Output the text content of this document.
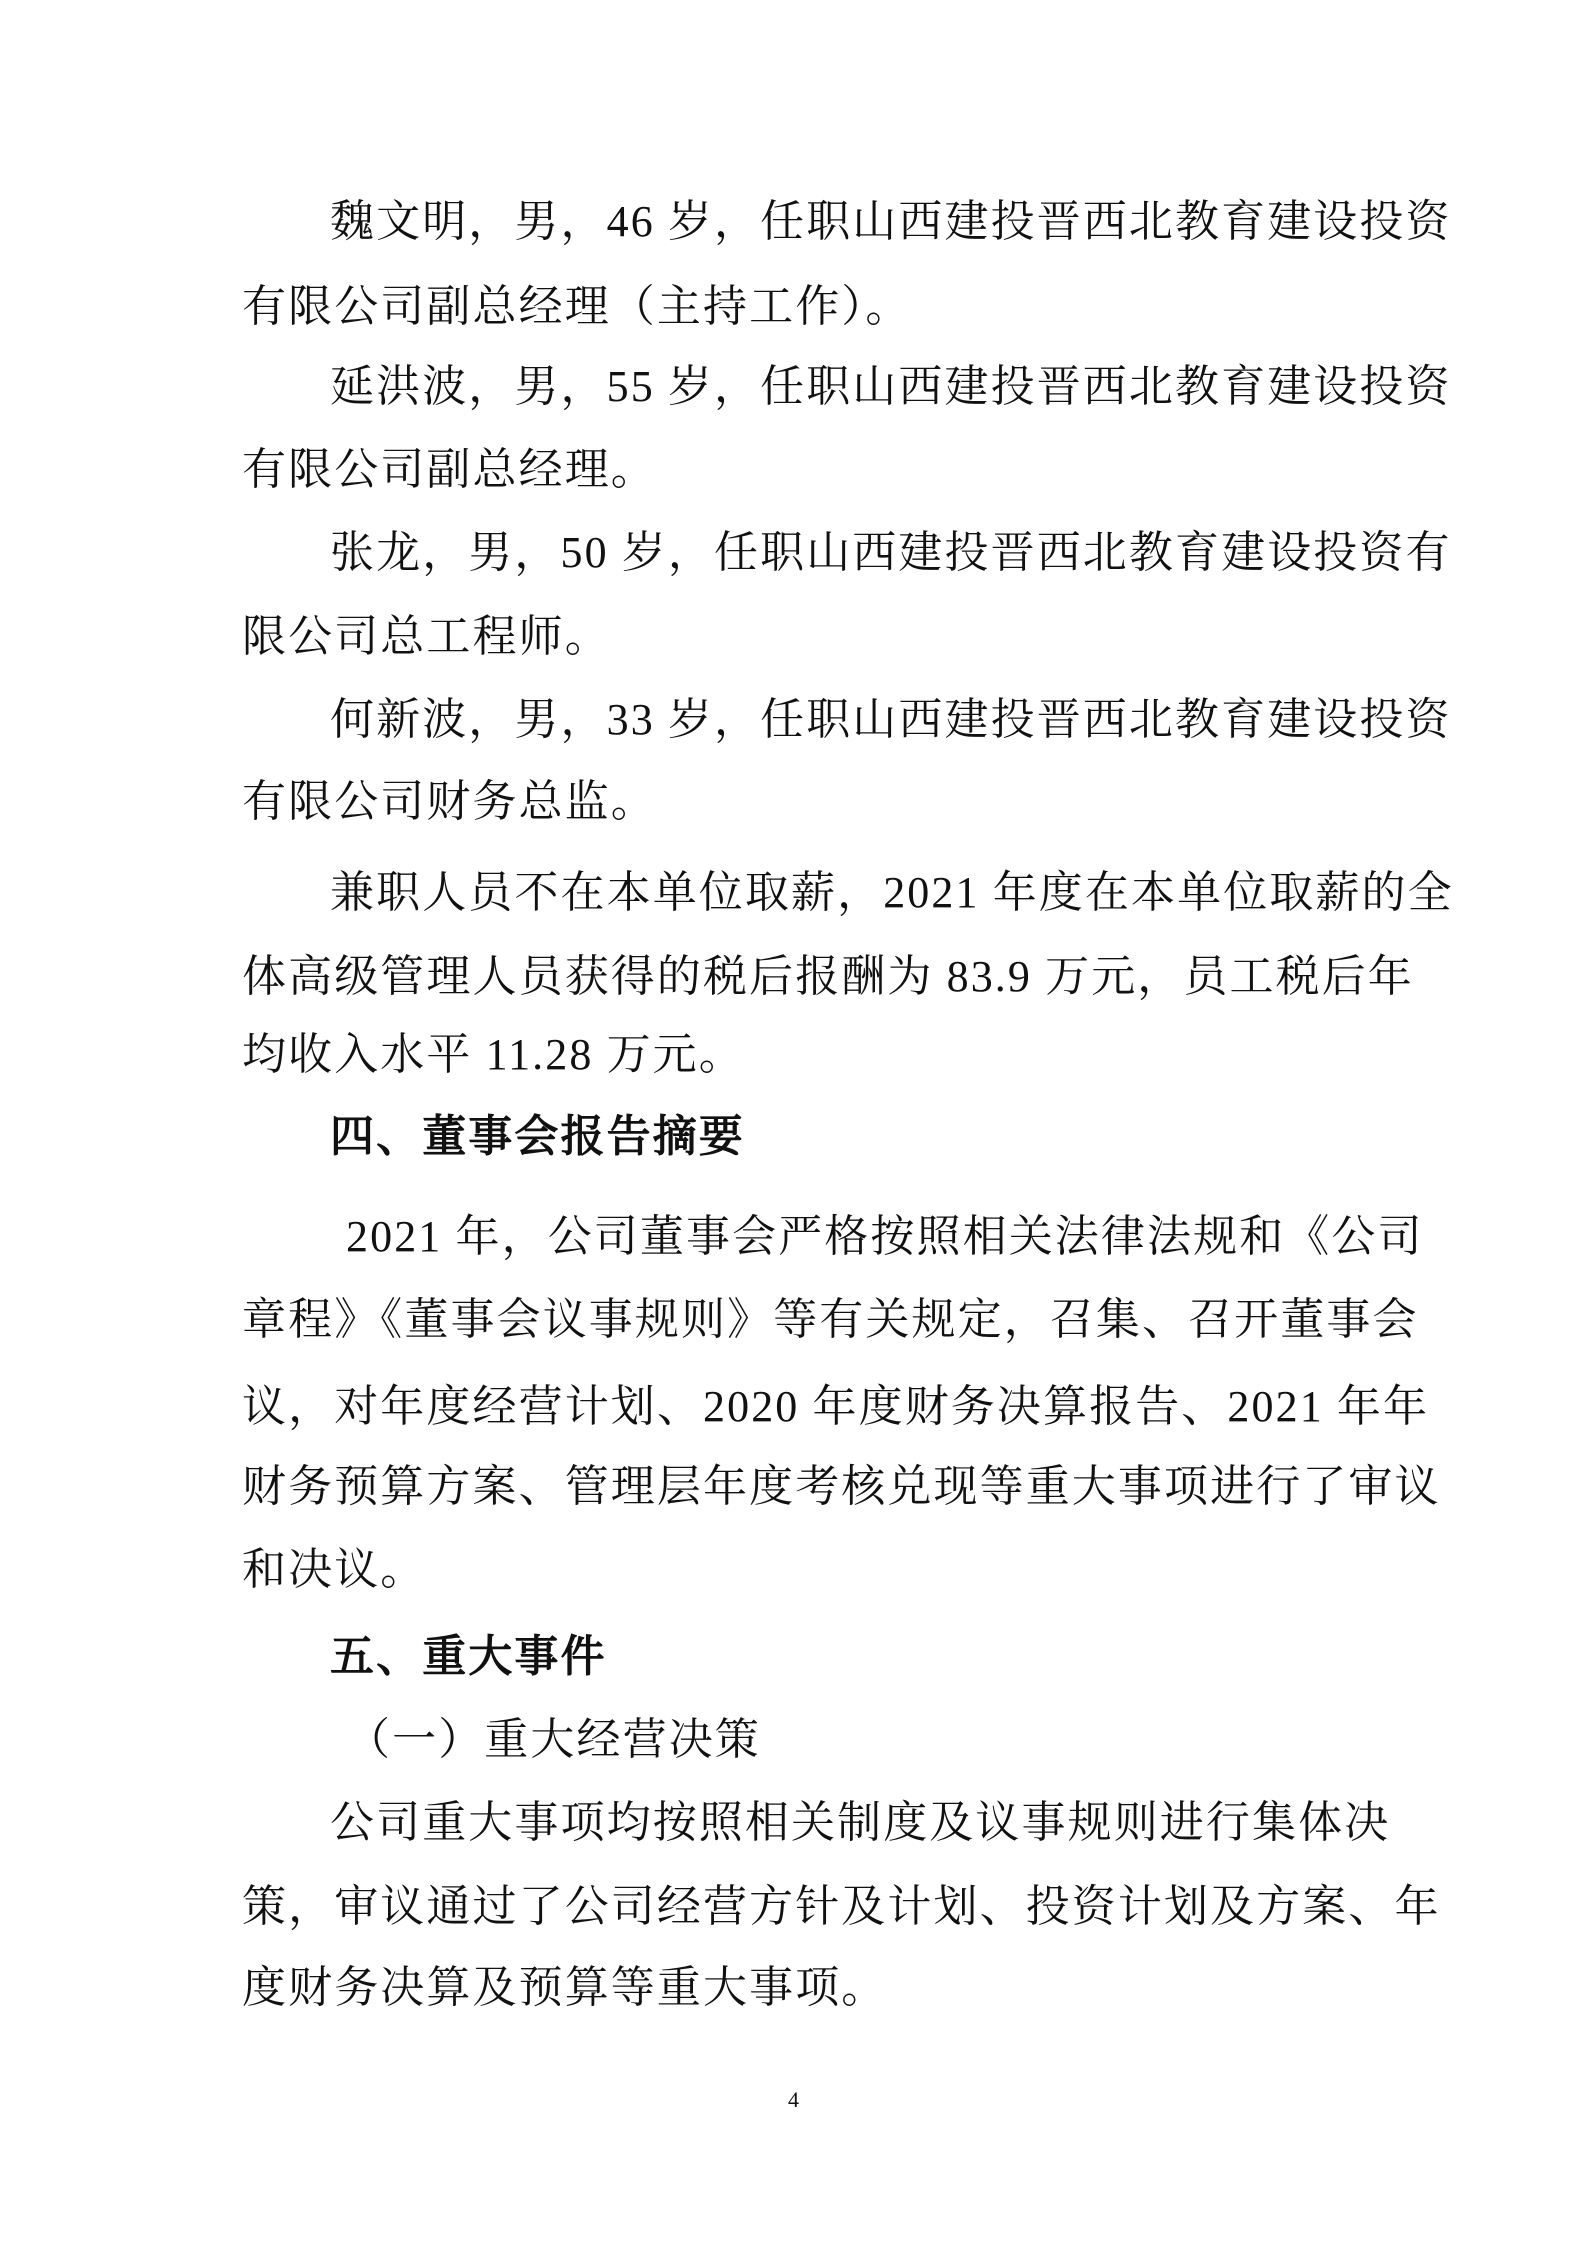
魏文明，男，46 岁，任职山西建投晋西北教育建设投资
有限公司副总经理（主持工作）。
延洪波，男，55 岁，任职山西建投晋西北教育建设投资
有限公司副总经理。
张龙，男，50 岁，任职山西建投晋西北教育建设投资有
限公司总工程师。
何新波，男，33 岁，任职山西建投晋西北教育建设投资
有限公司财务总监。
兼职人员不在本单位取薪，2021 年度在本单位取薪的全
体高级管理人员获得的税后报酬为 83.9 万元，员工税后年
均收入水平 11.28 万元。
四、董事会报告摘要
2021 年，公司董事会严格按照相关法律法规和《公司
章程》《董事会议事规则》等有关规定，召集、召开董事会
议，对年度经营计划、2020 年度财务决算报告、2021 年年
财务预算方案、管理层年度考核兑现等重大事项进行了审议
和决议。
五、重大事件
（一）重大经营决策
公司重大事项均按照相关制度及议事规则进行集体决
策，审议通过了公司经营方针及计划、投资计划及方案、年
度财务决算及预算等重大事项。
4
